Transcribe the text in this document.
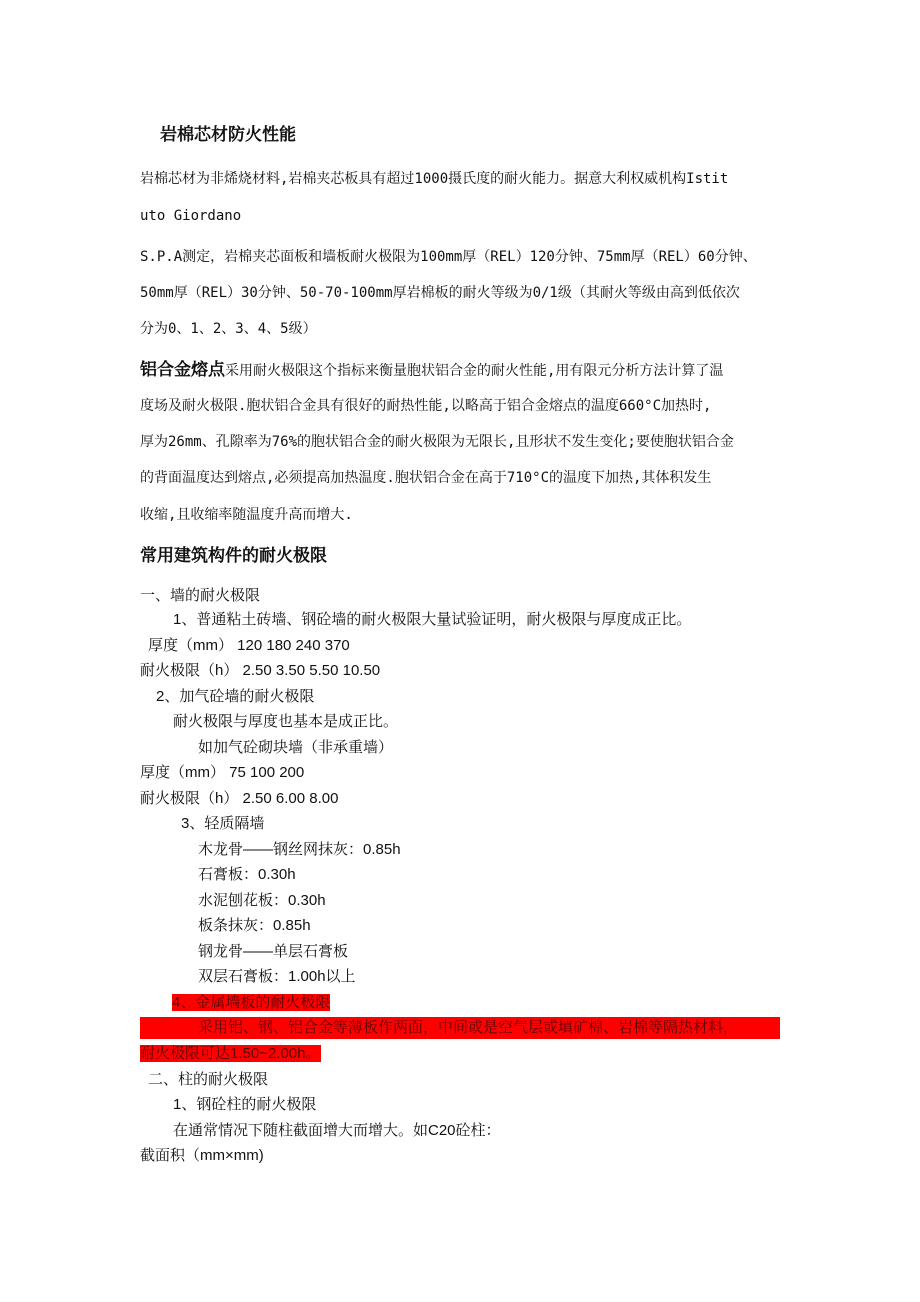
岩棉芯材防火性能
岩棉芯材为非烯烧材料,岩棉夹芯板具有超过1000摄氏度的耐火能力。据意大利权威机构Istit
uto Giordano
S.P.A测定，岩棉夹芯面板和墙板耐火极限为100mm厚（REL）120分钟、75mm厚（REL）60分钟、
50mm厚（REL）30分钟、50-70-100mm厚岩棉板的耐火等级为0/1级（其耐火等级由高到低依次
分为0、1、2、3、4、5级）
铝合金熔点采用耐火极限这个指标来衡量胞状铝合金的耐火性能,用有限元分析方法计算了温
度场及耐火极限.胞状铝合金具有很好的耐热性能,以略高于铝合金熔点的温度660°C加热时,
厚为26mm、孔隙率为76%的胞状铝合金的耐火极限为无限长,且形状不发生变化;要使胞状铝合金
的背面温度达到熔点,必须提高加热温度.胞状铝合金在高于710°C的温度下加热,其体积发生
收缩,且收缩率随温度升高而增大.
常用建筑构件的耐火极限
一、墙的耐火极限
1、普通粘土砖墙、钢砼墙的耐火极限大量试验证明，耐火极限与厚度成正比。
厚度（mm） 120 180 240 370
耐火极限（h） 2.50 3.50 5.50 10.50
2、加气砼墙的耐火极限
耐火极限与厚度也基本是成正比。
如加气砼砌块墙（非承重墙）
厚度（mm） 75 100 200
耐火极限（h） 2.50 6.00 8.00
3、轻质隔墙
木龙骨——钢丝网抹灰：0.85h
石膏板：0.30h
水泥刨花板：0.30h
板条抹灰：0.85h
钢龙骨——单层石膏板
双层石膏板：1.00h以上
4、金属墙板的耐火极限
采用铝、钢、铝合金等薄板作两面，中间或是空气层或填矿棉、岩棉等隔热材料，
耐火极限可达1.50~2.00h。
二、柱的耐火极限
1、钢砼柱的耐火极限
在通常情况下随柱截面增大而增大。如C20砼柱：
截面积（mm×mm)
